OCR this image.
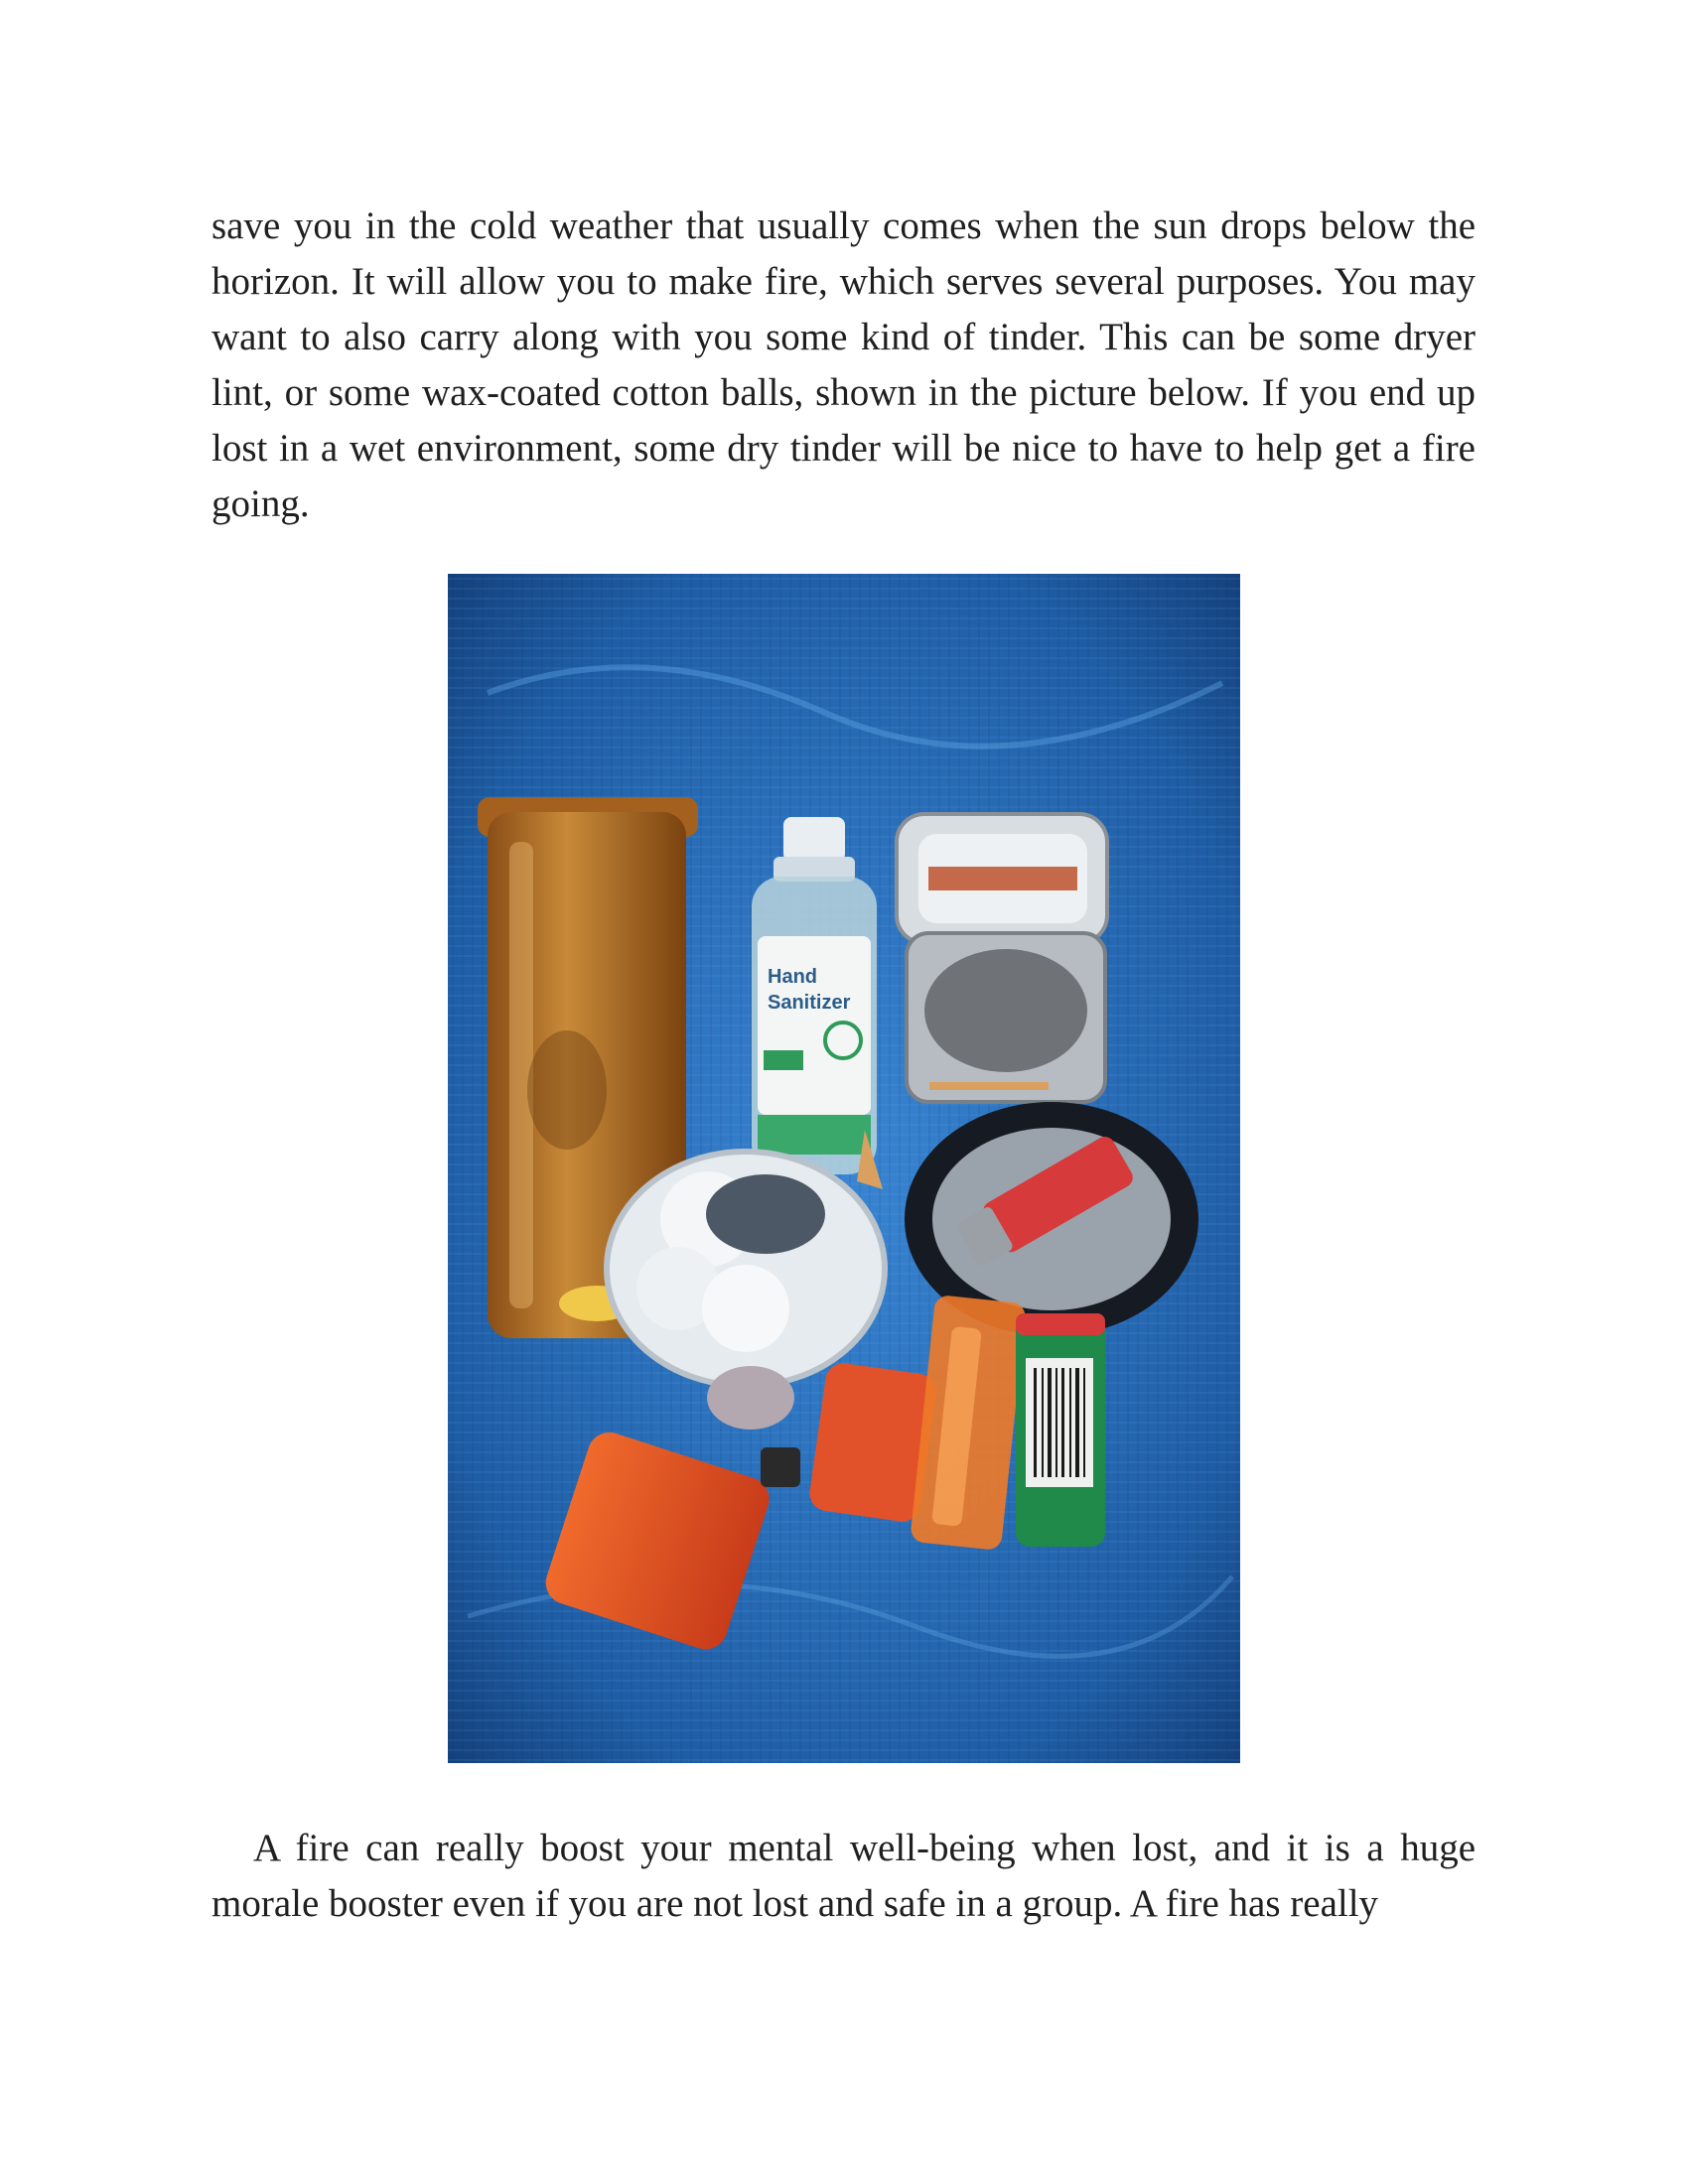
save you in the cold weather that usually comes when the sun drops below the horizon. It will allow you to make fire, which serves several purposes. You may want to also carry along with you some kind of tinder. This can be some dryer lint, or some wax-coated cotton balls, shown in the picture below. If you end up lost in a wet environment, some dry tinder will be nice to have to help get a fire going.

Hand
Sanitizer

A fire can really boost your mental well-being when lost, and it is a huge morale booster even if you are not lost and safe in a group. A fire has really
